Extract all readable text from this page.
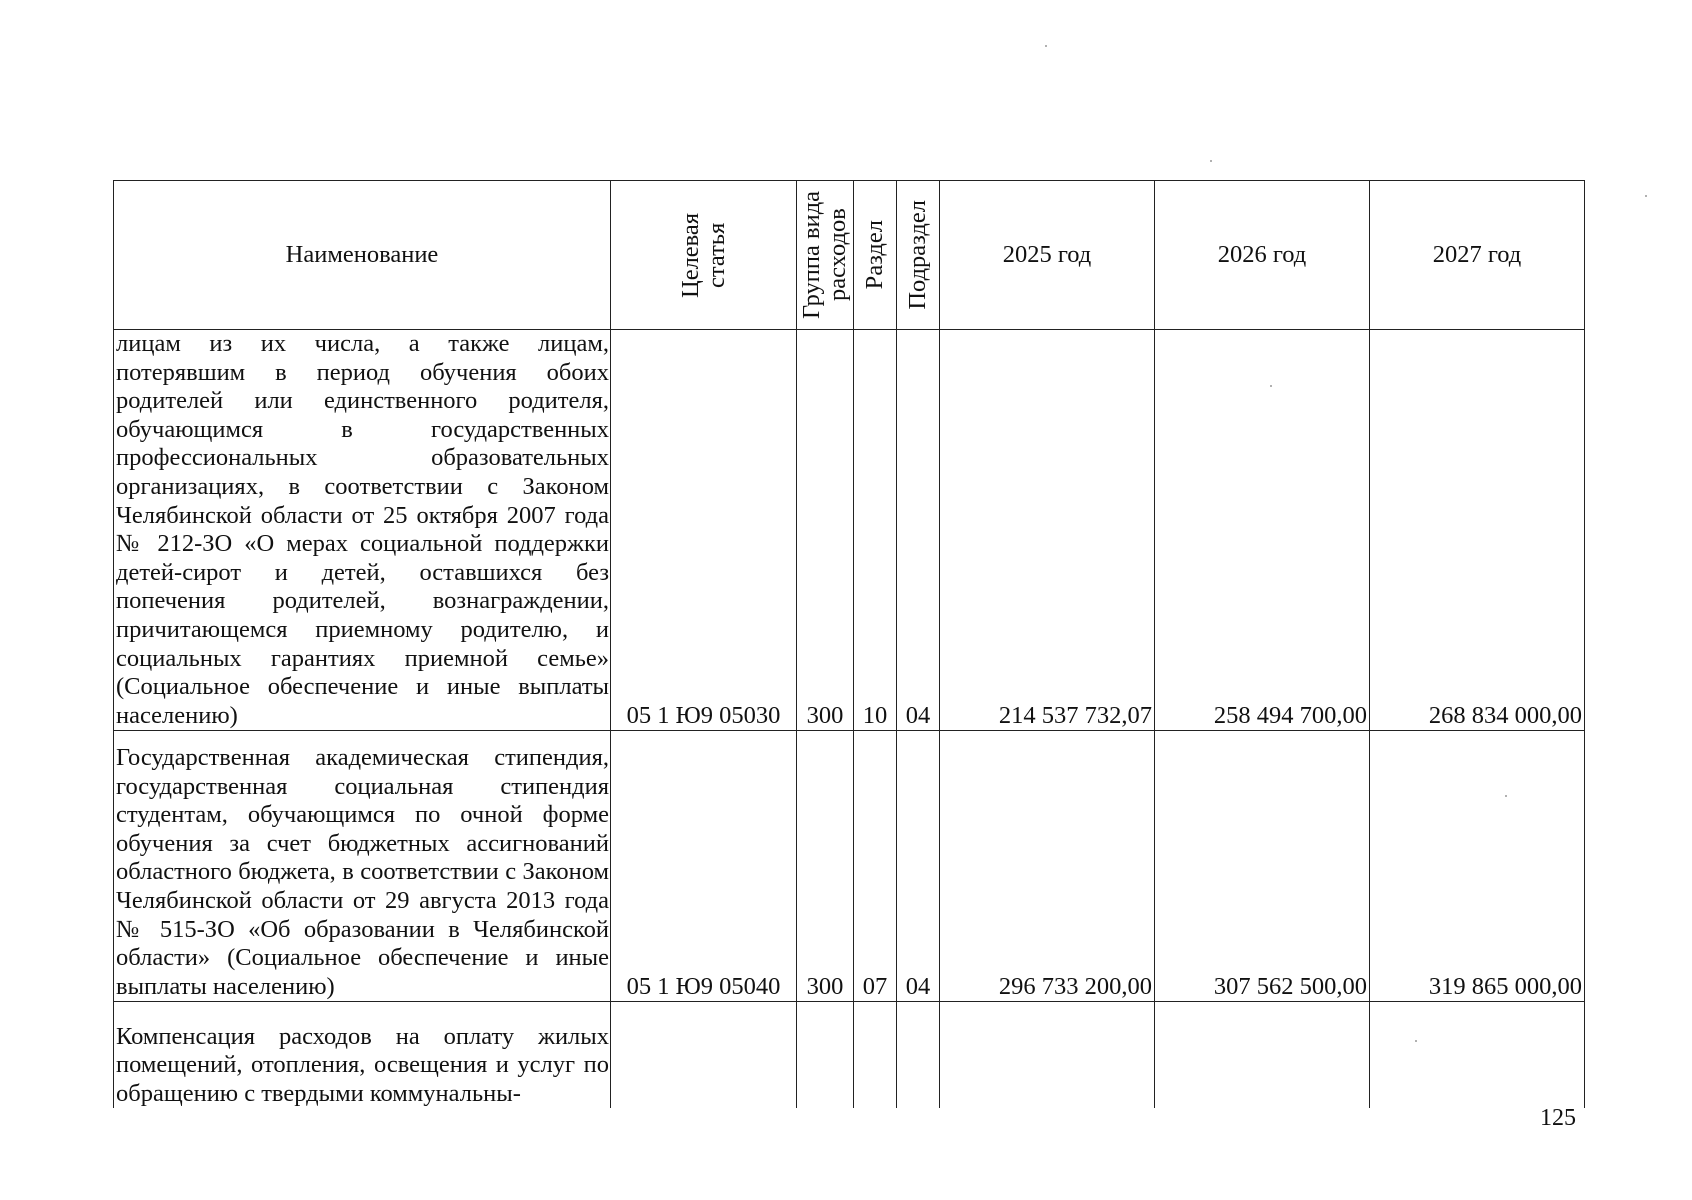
Наименование	Целевая статья	Группа вида расходов	Раздел	Подраздел	2025 год	2026 год	2027 год
лицам из их числа, а также лицам, потерявшим в период обучения обоих родителей или единственного родителя, обучающимся в государственных профессиональных образовательных организациях, в соответствии с Законом Челябинской области от 25 октября 2007 года № 212-ЗО «О мерах социальной поддержки детей-сирот и детей, оставшихся без попечения родителей, вознаграждении, причитающемся приемному родителю, и социальных гарантиях приемной семье» (Социальное обеспечение и иные выплаты населению)	05 1 Ю9 05030	300	10	04	214 537 732,07	258 494 700,00	268 834 000,00
Государственная академическая стипендия, государственная социальная стипендия студентам, обучающимся по очной форме обучения за счет бюджетных ассигнований областного бюджета, в соответствии с Законом Челябинской области от 29 августа 2013 года № 515-ЗО «Об образовании в Челябинской области» (Социальное обеспечение и иные выплаты населению)	05 1 Ю9 05040	300	07	04	296 733 200,00	307 562 500,00	319 865 000,00
Компенсация расходов на оплату жилых помещений, отопления, освещения и услуг по обращению с твердыми коммунальны-							
125
